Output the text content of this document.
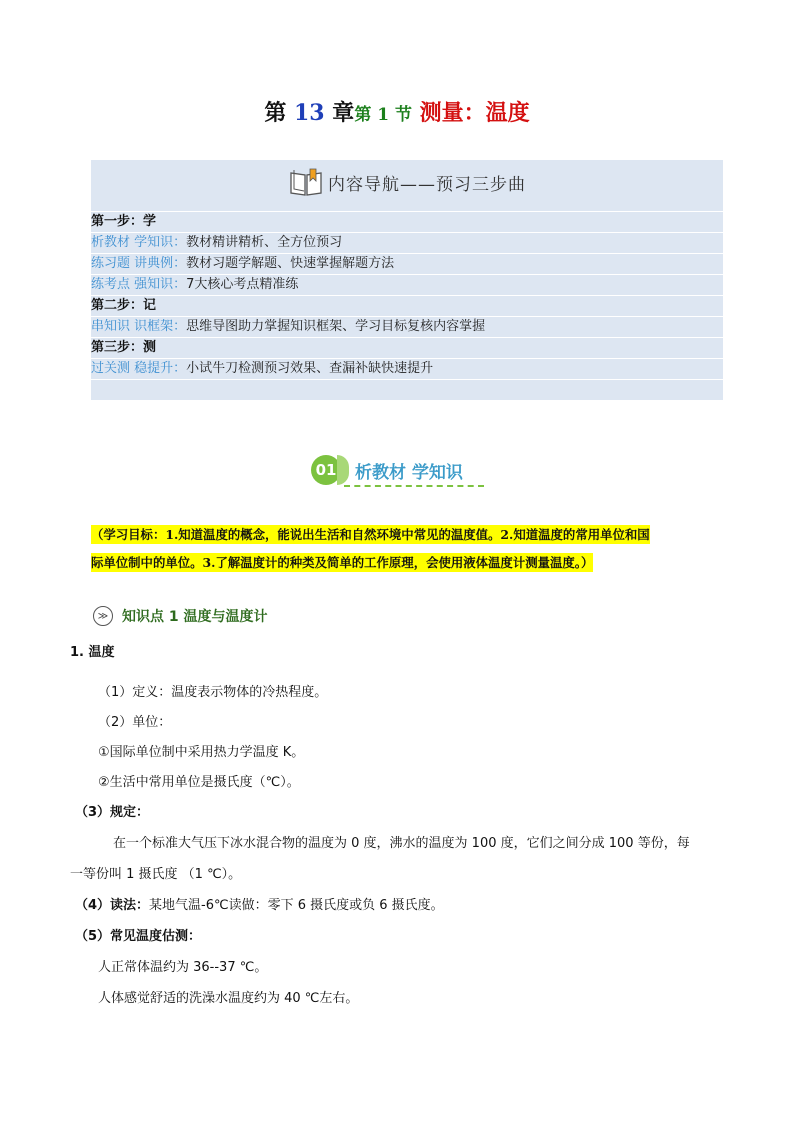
第 13 章第 1 节 测量：温度
内容导航——预习三步曲
第一步：学
析教材 学知识：教材精讲精析、全方位预习
练习题 讲典例：教材习题学解题、快速掌握解题方法
练考点 强知识：7大核心考点精准练
第二步：记
串知识 识框架：思维导图助力掌握知识框架、学习目标复核内容掌握
第三步：测
过关测 稳提升：小试牛刀检测预习效果、查漏补缺快速提升
01 析教材 学知识
（学习目标：1.知道温度的概念，能说出生活和自然环境中常见的温度值。2.知道温度的常用单位和国
际单位制中的单位。3.了解温度计的种类及简单的工作原理，会使用液体温度计测量温度。）
≫ 知识点 1 温度与温度计
1. 温度
（1）定义：温度表示物体的冷热程度。
（2）单位：
①国际单位制中采用热力学温度 K。
②生活中常用单位是摄氏度（℃）。
（3）规定：
在一个标准大气压下冰水混合物的温度为 0 度，沸水的温度为 100 度，它们之间分成 100 等份，每
一等份叫 1 摄氏度 （1 ℃）。
（4）读法：某地气温-6℃读做：零下 6 摄氏度或负 6 摄氏度。
（5）常见温度估测：
人正常体温约为 36--37 ℃。
人体感觉舒适的洗澡水温度约为 40 ℃左右。
